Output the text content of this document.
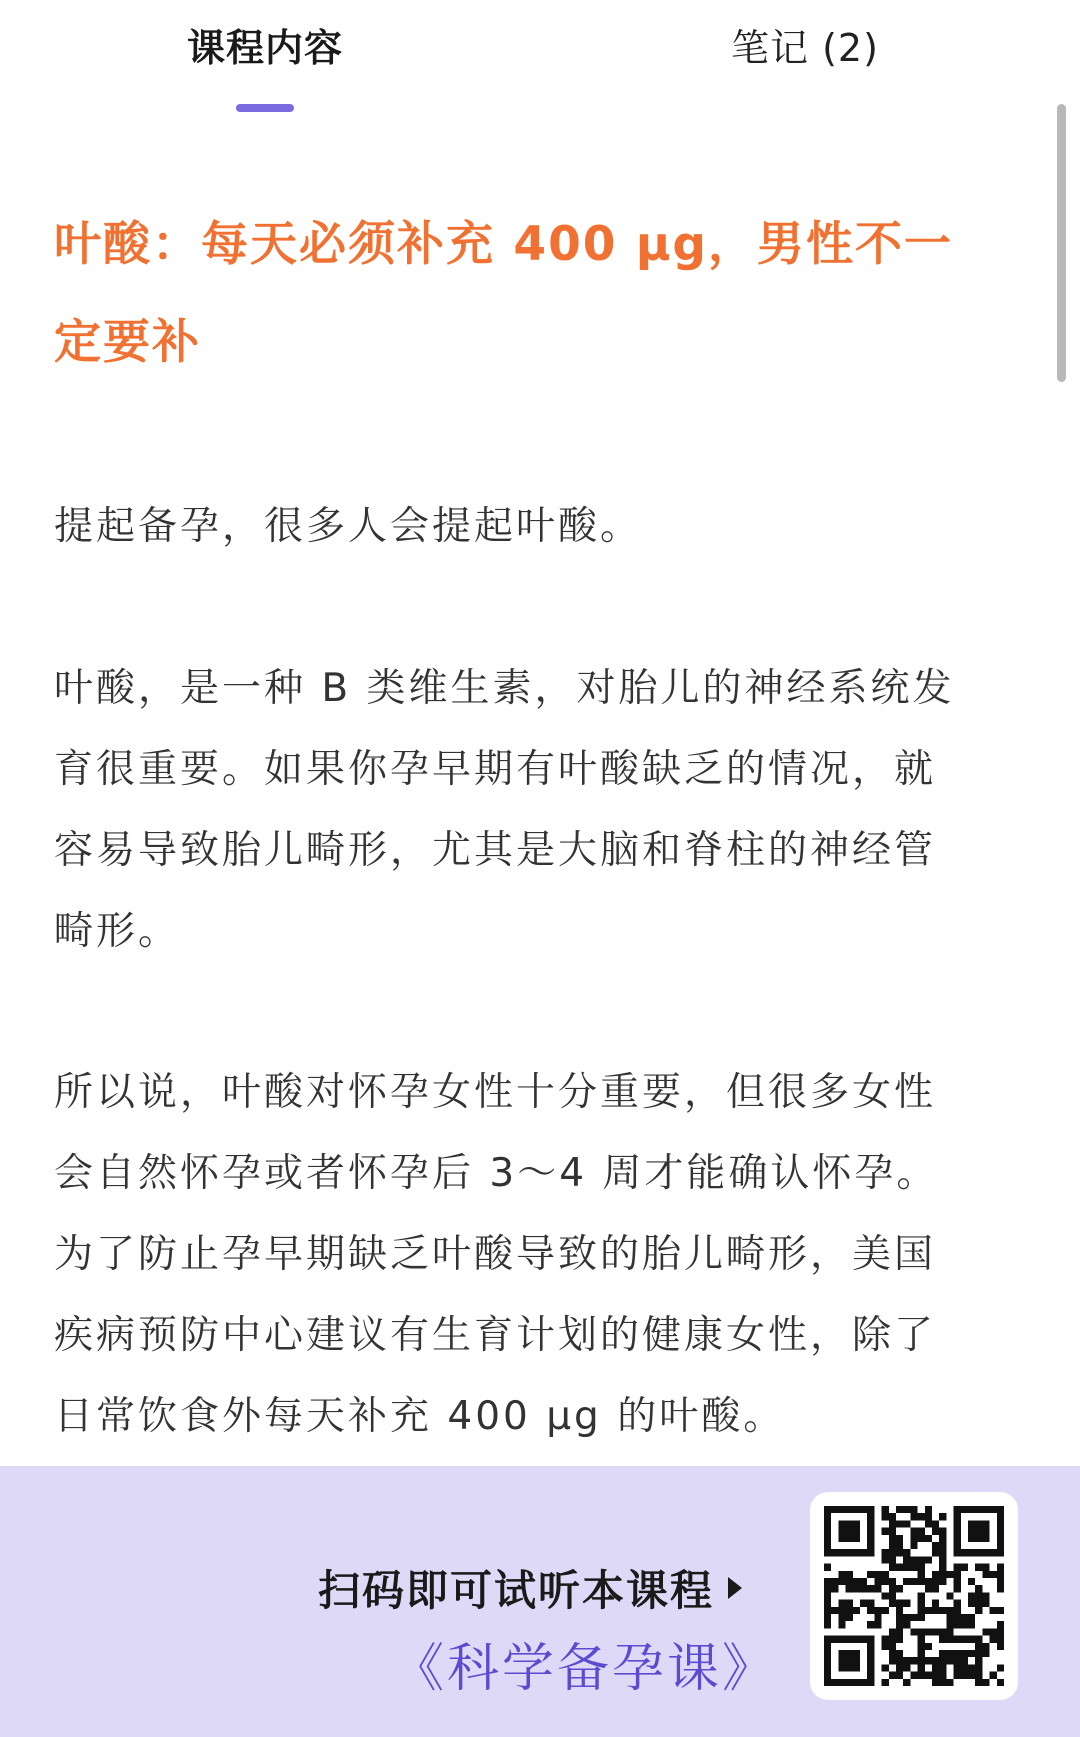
课程内容	笔记 (2)
叶酸：每天必须补充 400 μg，男性不一
定要补

提起备孕，很多人会提起叶酸。

叶酸，是一种 B 类维生素，对胎儿的神经系统发

育很重要。如果你孕早期有叶酸缺乏的情况，就

容易导致胎儿畸形，尤其是大脑和脊柱的神经管

畸形。

所以说，叶酸对怀孕女性十分重要，但很多女性

会自然怀孕或者怀孕后 3～4 周才能确认怀孕。

为了防止孕早期缺乏叶酸导致的胎儿畸形，美国

疾病预防中心建议有生育计划的健康女性，除了

日常饮食外每天补充 400 μg 的叶酸。

扫码即可试听本课程
《科学备孕课》
